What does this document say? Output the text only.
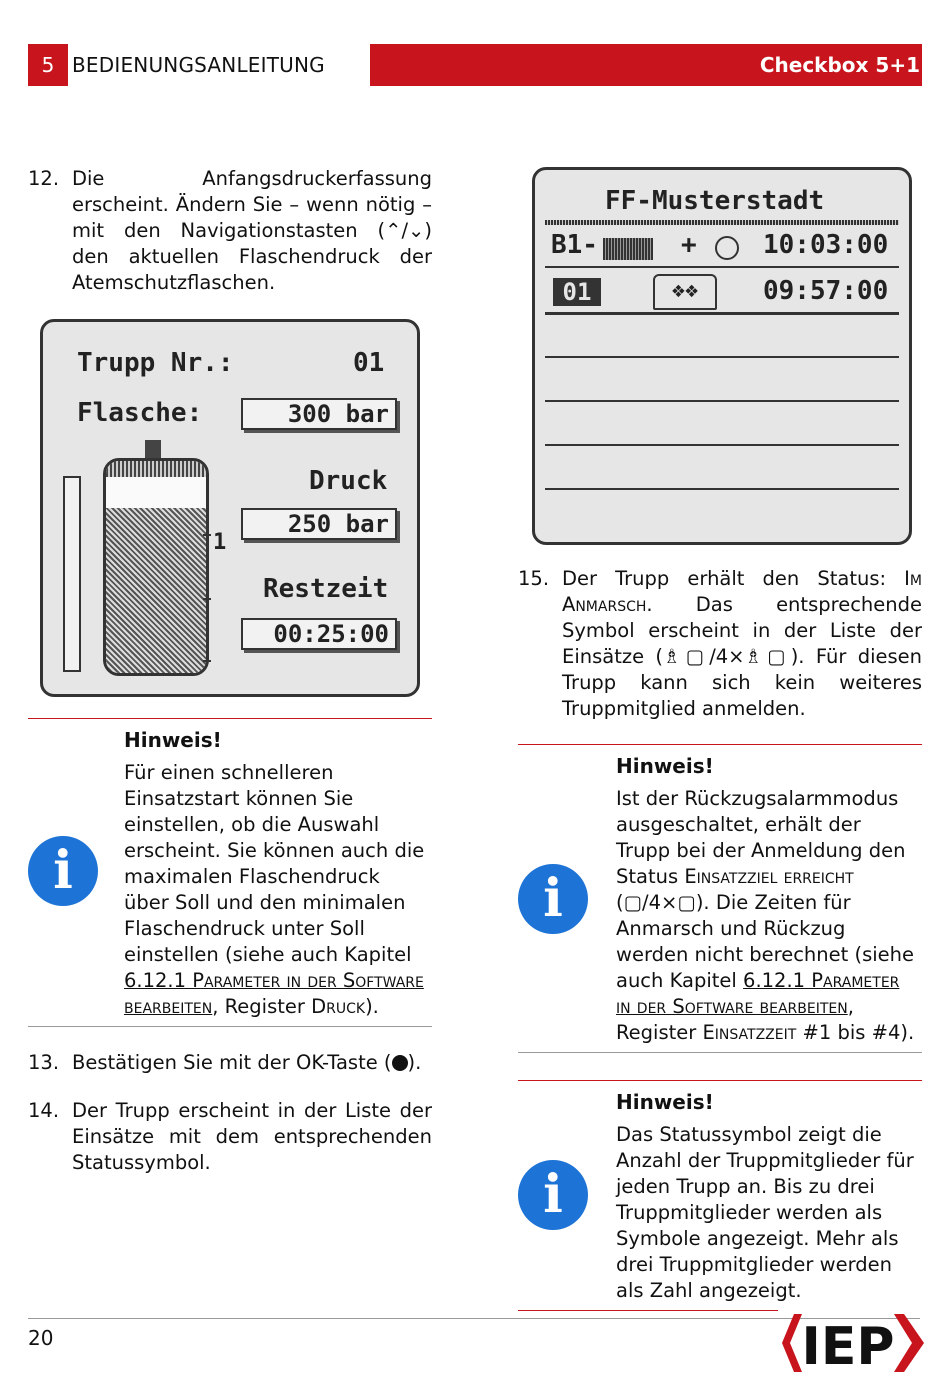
5 BEDIENUNGSANLEITUNG	Checkbox 5+1
12. Die Anfangsdruckerfassung erscheint. Ändern Sie – wenn nötig – mit den Navigationstasten (⌃/⌄) den aktuellen Flaschendruck der Atemschutzflaschen.
Trupp Nr.:	01
Flasche:	300 bar
Druck
250 bar
Restzeit
00:25:00
1
i
Hinweis!
Für einen schnelleren Einsatzstart können Sie einstellen, ob die Auswahl erscheint. Sie können auch die maximalen Flaschendruck über Soll und den minimalen Flaschendruck unter Soll einstellen (siehe auch Kapitel 6.12.1 Parameter in der Software bearbeiten, Register Druck).
13. Bestätigen Sie mit der OK-Taste ( ).
14. Der Trupp erscheint in der Liste der Einsätze mit dem entsprechenden Statussymbol.
FF-Musterstadt
B1-	+	10:03:00
01	❖❖	09:57:00
15. Der Trupp erhält den Status: Im Anmarsch. Das entsprechende Symbol erscheint in der Liste der Einsätze (♗▢/4×♗▢). Für diesen Trupp kann sich kein weiteres Truppmitglied anmelden.
i
Hinweis!
Ist der Rückzugsalarmmodus ausgeschaltet, erhält der Trupp bei der Anmeldung den Status Einsatzziel erreicht (▢/4×▢). Die Zeiten für Anmarsch und Rückzug werden nicht berechnet (siehe auch Kapitel 6.12.1 Parameter in der Software bearbeiten, Register Einsatzzeit #1 bis #4).
i
Hinweis!
Das Statussymbol zeigt die Anzahl der Truppmitglieder für jeden Trupp an. Bis zu drei Truppmitglieder werden als Symbole angezeigt. Mehr als drei Truppmitglieder werden als Zahl angezeigt.
20	IEP
